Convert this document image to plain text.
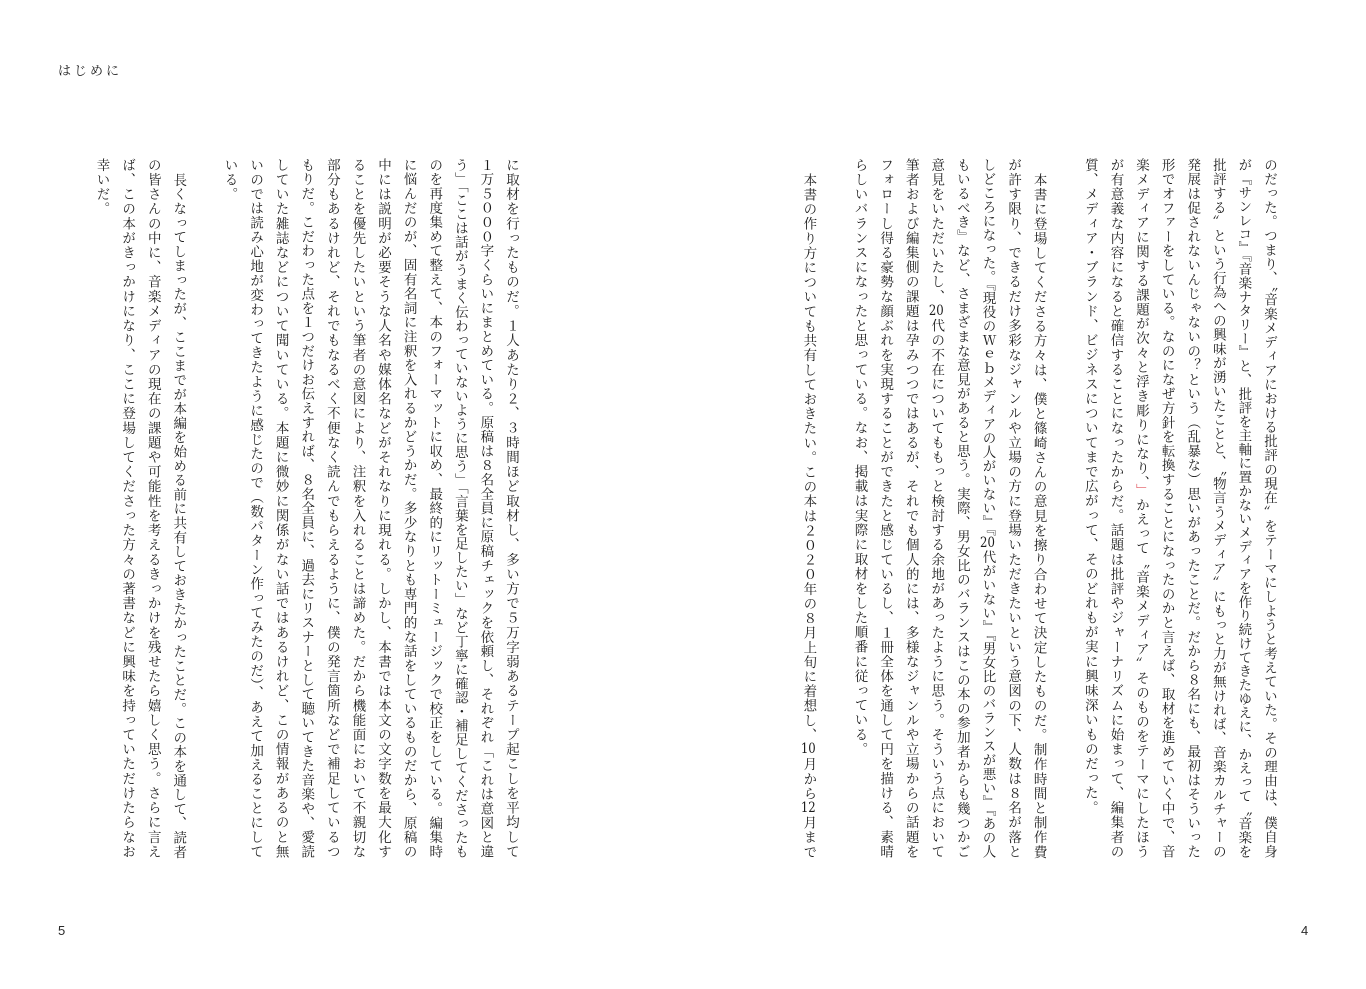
はじめに
のだった。つまり、〝音楽メディアにおける批評の現在〟をテーマにしようと考えていた。その理由は、僕自身
が『サンレコ』『音楽ナタリー』と、批評を主軸に置かないメディアを作り続けてきたゆえに、かえって〝音楽を
批評する〟という行為への興味が湧いたことと、〝物言うメディア〟にもっと力が無ければ、音楽カルチャーの
発展は促されないんじゃないの？という（乱暴な）思いがあったことだ。だから８名にも、最初はそういった
形でオファーをしている。なのになぜ方針を転換することになったのかと言えば、取材を進めていく中で、音
楽メディアに関する課題が次々と浮き彫りになり、」かえって〝音楽メディア〟そのものをテーマにしたほう
が有意義な内容になると確信することになったからだ。話題は批評やジャーナリズムに始まって、編集者の
質、メディア・ブランド、ビジネスについてまで広がって、そのどれもが実に興味深いものだった。
本書に登場してくださる方々は、僕と篠崎さんの意見を擦り合わせて決定したものだ。制作時間と制作費
が許す限り、できるだけ多彩なジャンルや立場の方に登場いただきたいという意図の下、人数は８名が落と
しどころになった。『現役のＷｅｂメディアの人がいない』『20代がいない』『男女比のバランスが悪い』『あの人
もいるべき』など、さまざまな意見があると思う。実際、男女比のバランスはこの本の参加者からも幾つかご
意見をいただいたし、20代の不在についてももっと検討する余地があったように思う。そういう点において
筆者および編集側の課題は孕みつつではあるが、それでも個人的には、多様なジャンルや立場からの話題を
フォローし得る豪勢な顔ぶれを実現することができたと感じているし、１冊全体を通して円を描ける、素晴
らしいバランスになったと思っている。なお、掲載は実際に取材をした順番に従っている。
本書の作り方についても共有しておきたい。この本は２０２０年の８月上旬に着想し、10月から12月まで
に取材を行ったものだ。１人あたり２、３時間ほど取材し、多い方で５万字弱あるテープ起こしを平均して
１万５０００字くらいにまとめている。原稿は８名全員に原稿チェックを依頼し、それぞれ「これは意図と違
う」「ここは話がうまく伝わっていないように思う」「言葉を足したい」など丁寧に確認・補足してくださったも
のを再度集めて整えて、本のフォーマットに収め、最終的にリットーミュージックで校正をしている。編集時
に悩んだのが、固有名詞に注釈を入れるかどうかだ。多少なりとも専門的な話をしているものだから、原稿の
中には説明が必要そうな人名や媒体名などがそれなりに現れる。しかし、本書では本文の文字数を最大化す
ることを優先したいという筆者の意図により、注釈を入れることは諦めた。だから機能面において不親切な
部分もあるけれど、それでもなるべく不便なく読んでもらえるように、僕の発言箇所などで補足しているつ
もりだ。こだわった点を１つだけお伝えすれば、８名全員に、過去にリスナーとして聴いてきた音楽や、愛読
していた雑誌などについて聞いている。本題に微妙に関係がない話ではあるけれど、この情報があるのと無
いのでは読み心地が変わってきたように感じたので（数パターン作ってみたのだ）、あえて加えることにして
いる。
長くなってしまったが、ここまでが本編を始める前に共有しておきたかったことだ。この本を通して、読者
の皆さんの中に、音楽メディアの現在の課題や可能性を考えるきっかけを残せたら嬉しく思う。さらに言え
ば、この本がきっかけになり、ここに登場してくださった方々の著書などに興味を持っていただけたらなお
幸いだ。
5	4
